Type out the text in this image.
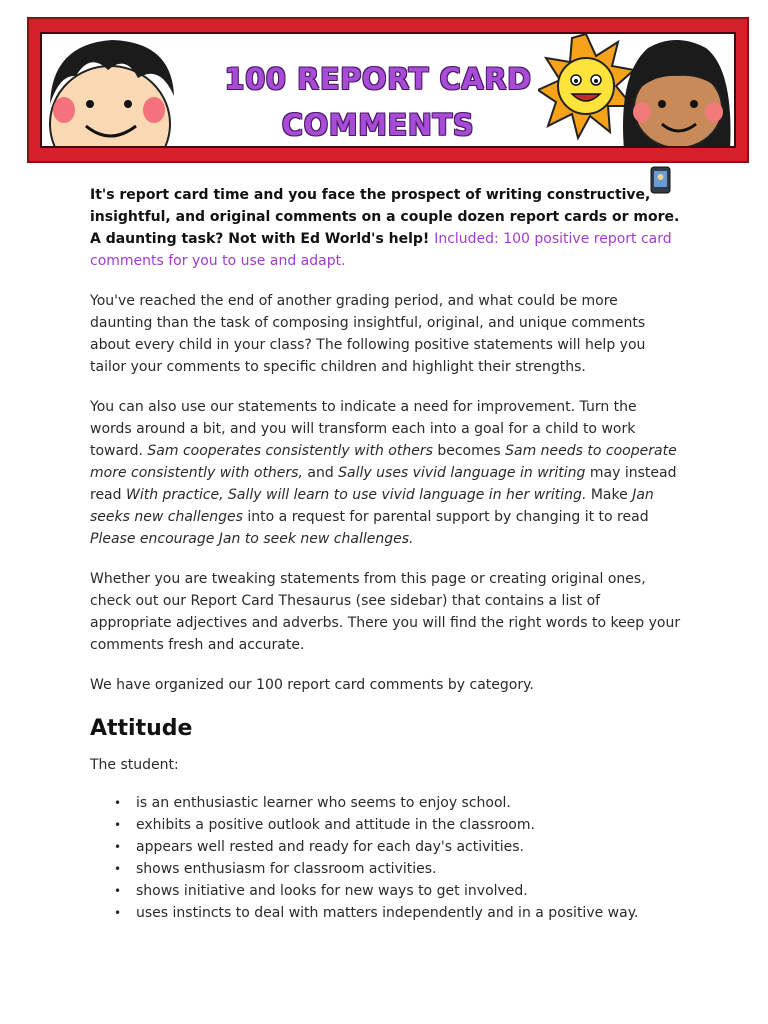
100 REPORT CARD
COMMENTS

It's report card time and you face the prospect of writing constructive, insightful, and original comments on a couple dozen report cards or more. A daunting task? Not with Ed World's help! Included: 100 positive report card comments for you to use and adapt.

You've reached the end of another grading period, and what could be more daunting than the task of composing insightful, original, and unique comments about every child in your class? The following positive statements will help you tailor your comments to specific children and highlight their strengths.

You can also use our statements to indicate a need for improvement. Turn the words around a bit, and you will transform each into a goal for a child to work toward. Sam cooperates consistently with others becomes Sam needs to cooperate more consistently with others, and Sally uses vivid language in writing may instead read With practice, Sally will learn to use vivid language in her writing. Make Jan seeks new challenges into a request for parental support by changing it to read Please encourage Jan to seek new challenges.

Whether you are tweaking statements from this page or creating original ones, check out our Report Card Thesaurus (see sidebar) that contains a list of appropriate adjectives and adverbs. There you will find the right words to keep your comments fresh and accurate.

We have organized our 100 report card comments by category.

Attitude

The student:

• is an enthusiastic learner who seems to enjoy school.
• exhibits a positive outlook and attitude in the classroom.
• appears well rested and ready for each day's activities.
• shows enthusiasm for classroom activities.
• shows initiative and looks for new ways to get involved.
• uses instincts to deal with matters independently and in a positive way.
